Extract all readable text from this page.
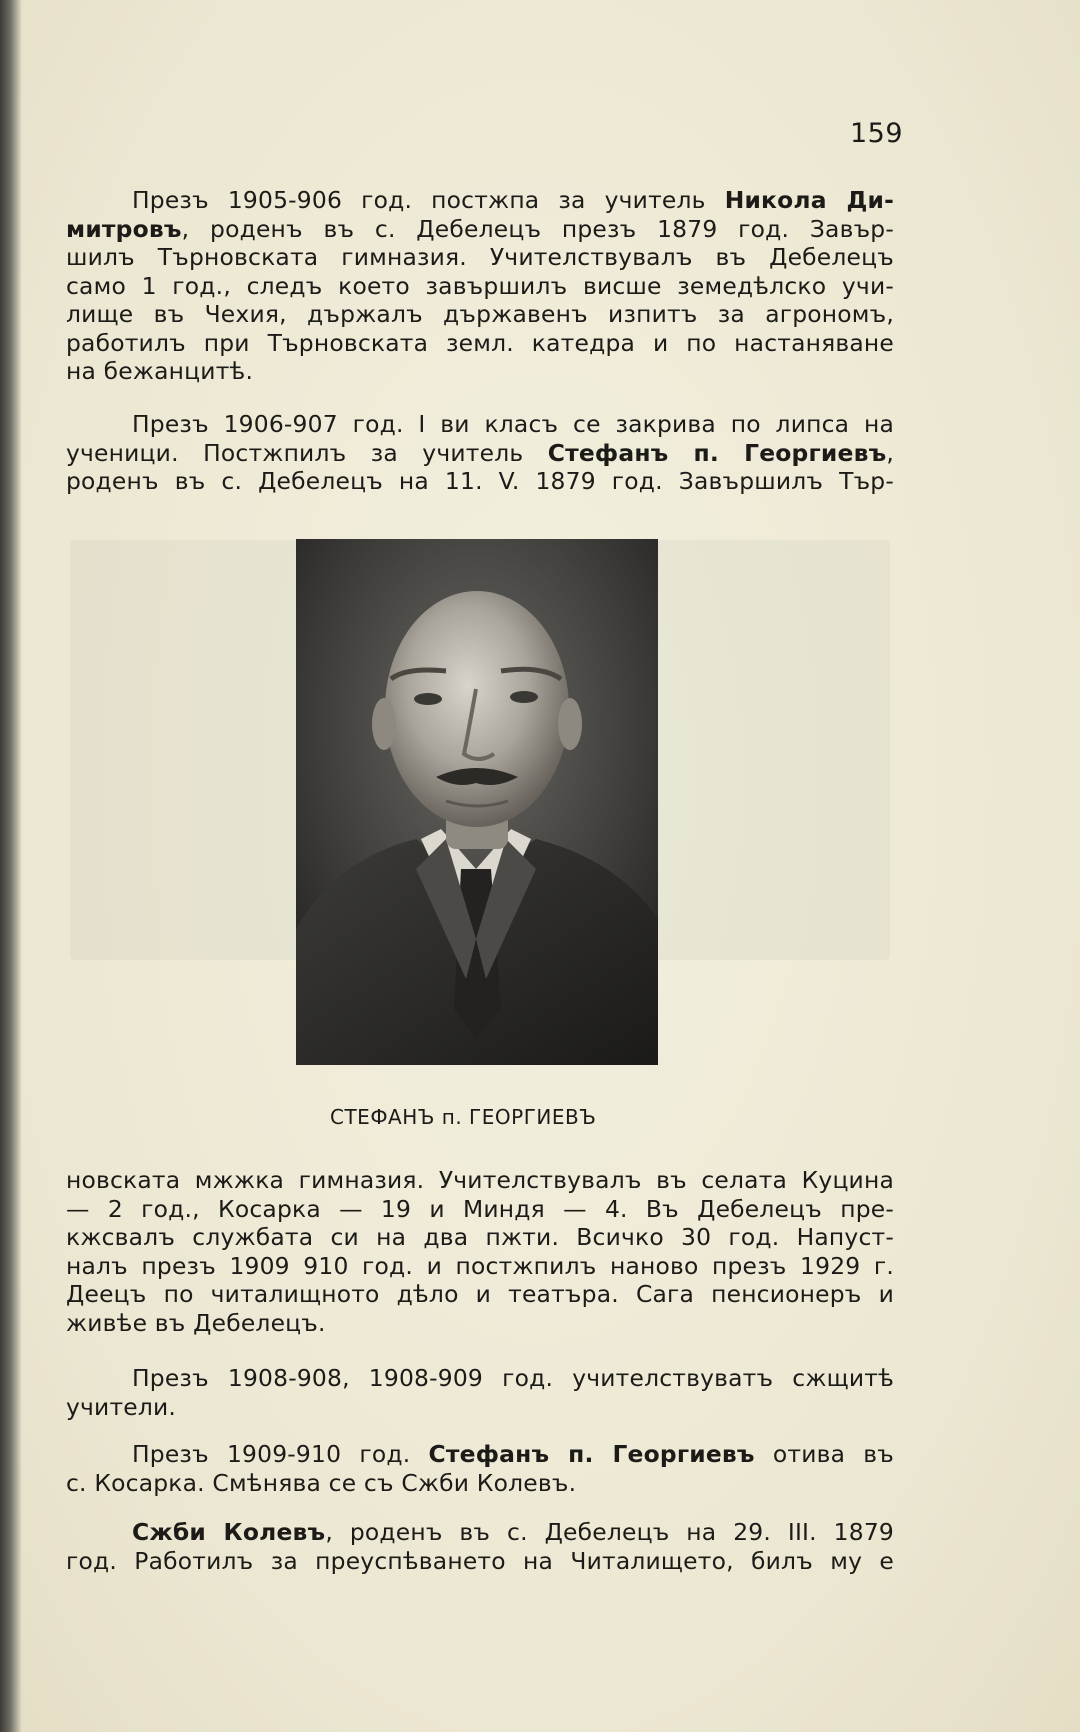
159
Презъ 1905-906 год. постжпа за учитель Никола Ди-
митровъ, роденъ въ с. Дебелецъ презъ 1879 год. Завър-
шилъ Търновската гимназия. Учителствувалъ въ Дебелецъ
само 1 год., следъ което завършилъ висше земедѣлско учи-
лище въ Чехия, държалъ държавенъ изпитъ за агрономъ,
работилъ при Търновската земл. катедра и по настаняване
на бежанцитѣ.
Презъ 1906-907 год. I ви класъ се закрива по липса на
ученици. Постжпилъ за учитель Стефанъ п. Георгиевъ,
роденъ въ с. Дебелецъ на 11. V. 1879 год. Завършилъ Тър-
СТЕФАНЪ п. ГЕОРГИЕВЪ
новската мжжка гимназия. Учителствувалъ въ селата Куцина
— 2 год., Косарка — 19 и Миндя — 4. Въ Дебелецъ пре-
кжсвалъ службата си на два пжти. Всичко 30 год. Напуст-
налъ презъ 1909 910 год. и постжпилъ наново презъ 1929 г.
Деецъ по читалищното дѣло и театъра. Сага пенсионеръ и
живѣе въ Дебелецъ.
Презъ 1908-908, 1908-909 год. учителствуватъ сжщитѣ
учители.
Презъ 1909-910 год. Стефанъ п. Георгиевъ отива въ
с. Косарка. Смѣнява се съ Сжби Колевъ.
Сжби Колевъ, роденъ въ с. Дебелецъ на 29. III. 1879
год. Работилъ за преуспѣването на Читалището, билъ му е
